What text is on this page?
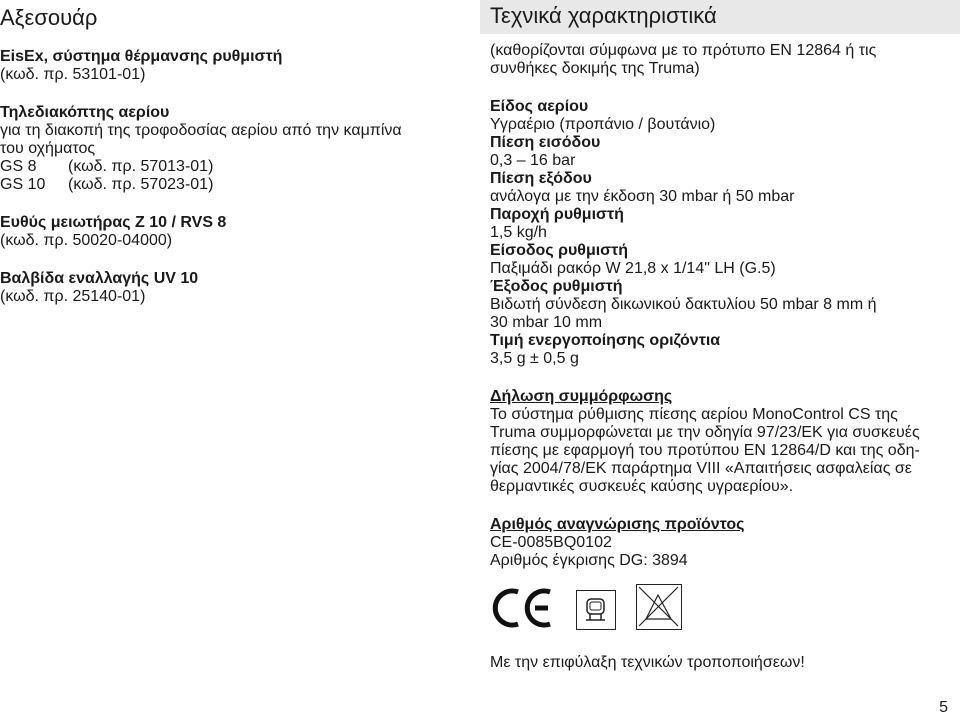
Αξεσουάρ

EisEx, σύστημα θέρμανσης ρυθμιστή

(κωδ. πρ. 53101-01)

Τηλεδιακόπτης αερίου

για τη διακοπή της τροφοδοσίας αερίου από την καμπίνα

του οχήματος

GS 8	(κωδ. πρ. 57013-01)
GS 10	(κωδ. πρ. 57023-01)

Ευθύς μειωτήρας Z 10 / RVS 8

(κωδ. πρ. 50020-04000)

Βαλβίδα εναλλαγής UV 10

(κωδ. πρ. 25140-01)

Τεχνικά χαρακτηριστικά

(καθορίζονται σύμφωνα με το πρότυπο EN 12864 ή τις

συνθήκες δοκιμής της Truma)

Είδος αερίου

Υγραέριο (προπάνιο / βουτάνιο)

Πίεση εισόδου

0,3 – 16 bar

Πίεση εξόδου

ανάλογα με την έκδοση 30 mbar ή 50 mbar

Παροχή ρυθμιστή

1,5 kg/h

Είσοδος ρυθμιστή

Παξιμάδι ρακόρ W 21,8 x 1/14" LH (G.5)

Έξοδος ρυθμιστή

Βιδωτή σύνδεση δικωνικού δακτυλίου 50 mbar 8 mm ή

30 mbar 10 mm

Τιμή ενεργοποίησης οριζόντια

3,5 g ± 0,5 g

Δήλωση συμμόρφωσης

Το σύστημα ρύθμισης πίεσης αερίου MonoControl CS της

Truma συμμορφώνεται με την οδηγία 97/23/ΕΚ για συσκευές

πίεσης με εφαρμογή του προτύπου EN 12864/D και της οδη-

γίας 2004/78/ΕΚ παράρτημα VIII «Απαιτήσεις ασφαλείας σε

θερμαντικές συσκευές καύσης υγραερίου».

Αριθμός αναγνώρισης προϊόντος

CE-0085BQ0102

Αριθμός έγκρισης DG: 3894

Με την επιφύλαξη τεχνικών τροποποιήσεων!
5
